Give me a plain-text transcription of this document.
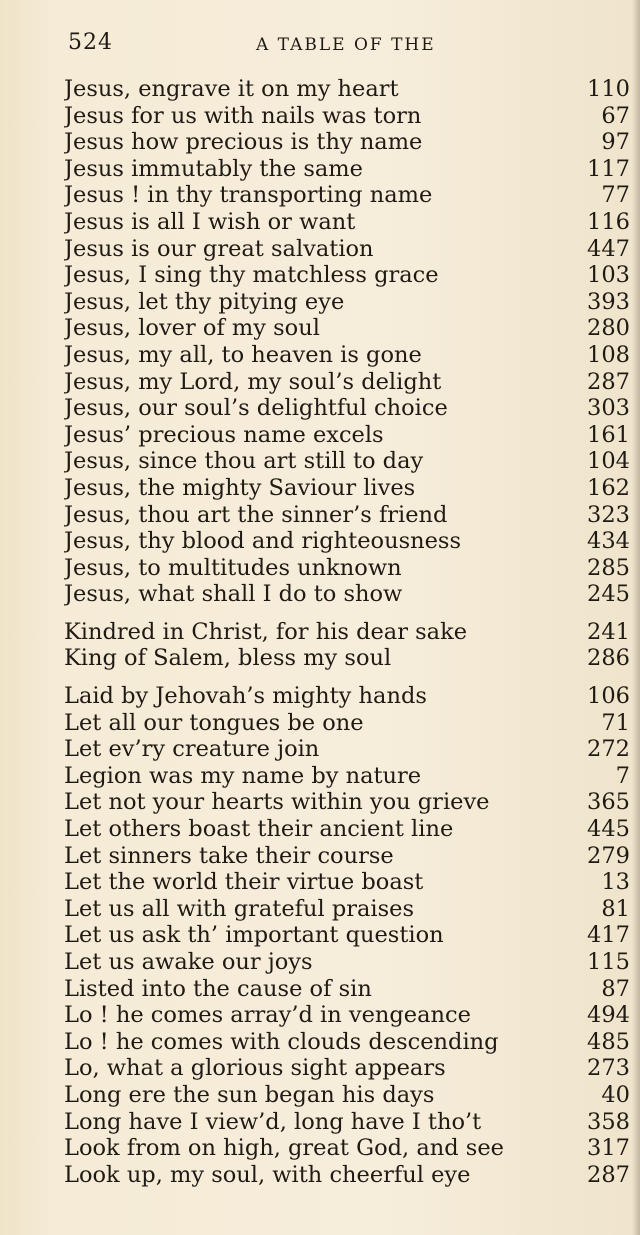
524	A TABLE OF THE
Jesus, engrave it on my heart	110
Jesus for us with nails was torn	67
Jesus how precious is thy name	97
Jesus immutably the same	117
Jesus ! in thy transporting name	77
Jesus is all I wish or want	116
Jesus is our great salvation	447
Jesus, I sing thy matchless grace	103
Jesus, let thy pitying eye	393
Jesus, lover of my soul	280
Jesus, my all, to heaven is gone	108
Jesus, my Lord, my soul’s delight	287
Jesus, our soul’s delightful choice	303
Jesus’ precious name excels	161
Jesus, since thou art still to day	104
Jesus, the mighty Saviour lives	162
Jesus, thou art the sinner’s friend	323
Jesus, thy blood and righteousness	434
Jesus, to multitudes unknown	285
Jesus, what shall I do to show	245
Kindred in Christ, for his dear sake	241
King of Salem, bless my soul	286
Laid by Jehovah’s mighty hands	106
Let all our tongues be one	71
Let ev’ry creature join	272
Legion was my name by nature	7
Let not your hearts within you grieve	365
Let others boast their ancient line	445
Let sinners take their course	279
Let the world their virtue boast	13
Let us all with grateful praises	81
Let us ask th’ important question	417
Let us awake our joys	115
Listed into the cause of sin	87
Lo ! he comes array’d in vengeance	494
Lo ! he comes with clouds descending	485
Lo, what a glorious sight appears	273
Long ere the sun began his days	40
Long have I view’d, long have I tho’t	358
Look from on high, great God, and see	317
Look up, my soul, with cheerful eye	287
